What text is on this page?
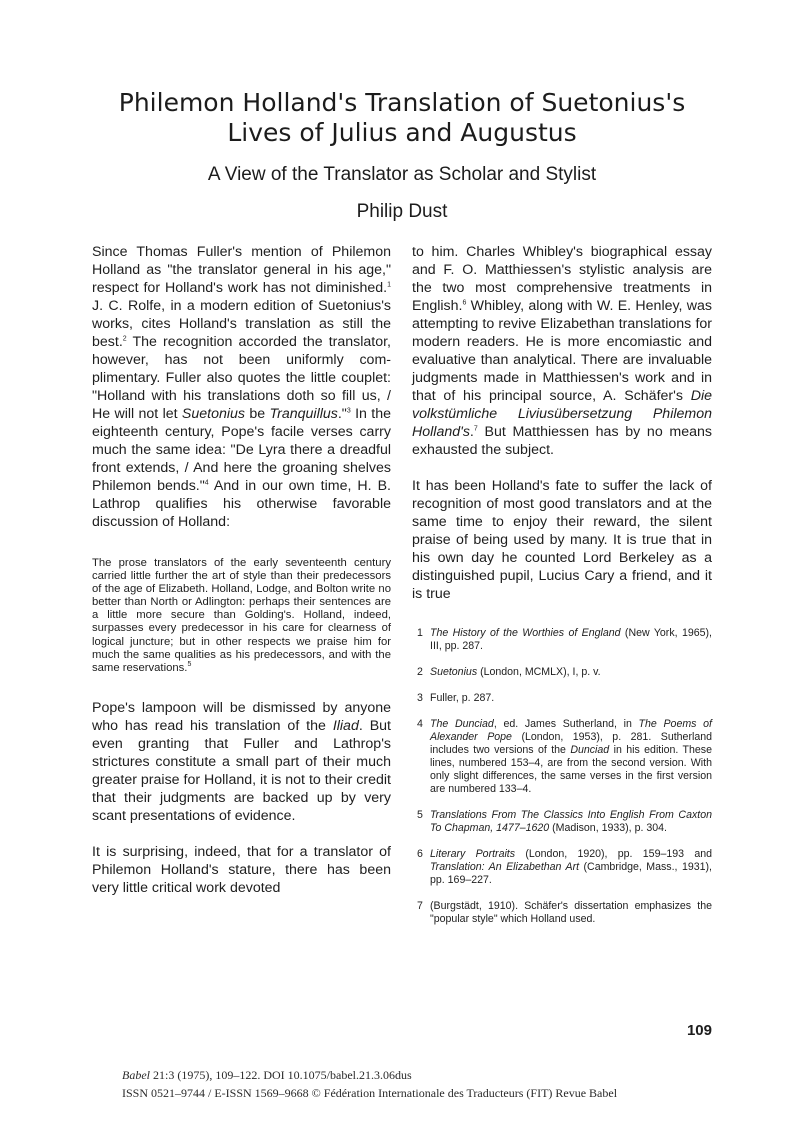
Philemon Holland's Translation of Suetonius's
Lives of Julius and Augustus
A View of the Translator as Scholar and Stylist
Philip Dust

Since Thomas Fuller's mention of Philemon Holland as "the translator general in his age," respect for Holland's work has not diminished.$^1$ J. C. Rolfe, in a modern edition of Suetonius's works, cites Holland's translation as still the best.$^2$ The recognition accorded the translator, however, has not been uniformly complimentary. Fuller also quotes the little couplet: "Holland with his translations doth so fill us, / He will not let Suetonius be Tranquillus."$^3$ In the eighteenth century, Pope's facile verses carry much the same idea: "De Lyra there a dreadful front extends, / And here the groaning shelves Philemon bends."$^4$ And in our own time, H. B. Lathrop qualifies his otherwise favorable discussion of Holland:

The prose translators of the early seventeenth century carried little further the art of style than their predecessors of the age of Elizabeth. Holland, Lodge, and Bolton write no better than North or Adlington: perhaps their sentences are a little more secure than Golding's. Holland, indeed, surpasses every predecessor in his care for clearness of logical juncture; but in other respects we praise him for much the same qualities as his predecessors, and with the same reservations.$^5$

Pope's lampoon will be dismissed by anyone who has read his translation of the Iliad. But even granting that Fuller and Lathrop's strictures constitute a small part of their much greater praise for Holland, it is not to their credit that their judgments are backed up by very scant presentations of evidence.

It is surprising, indeed, that for a translator of Philemon Holland's stature, there has been very little critical work devoted

to him. Charles Whibley's biographical essay and F. O. Matthiessen's stylistic analysis are the two most comprehensive treatments in English.$^6$ Whibley, along with W. E. Henley, was attempting to revive Elizabethan translations for modern readers. He is more encomiastic and evaluative than analytical. There are invaluable judgments made in Matthiessen's work and in that of his principal source, A. Schäfer's Die volkstümliche Liviusübersetzung Philemon Holland's.$^7$ But Matthiessen has by no means exhausted the subject.

It has been Holland's fate to suffer the lack of recognition of most good translators and at the same time to enjoy their reward, the silent praise of being used by many. It is true that in his own day he counted Lord Berkeley as a distinguished pupil, Lucius Cary a friend, and it is true

1 The History of the Worthies of England (New York, 1965), III, pp. 287.
2 Suetonius (London, MCMLX), I, p. v.
3 Fuller, p. 287.
4 The Dunciad, ed. James Sutherland, in The Poems of Alexander Pope (London, 1953), p. 281. Sutherland includes two versions of the Dunciad in his edition. These lines, numbered 153–4, are from the second version. With only slight differences, the same verses in the first version are numbered 133–4.
5 Translations From The Classics Into English From Caxton To Chapman, 1477–1620 (Madison, 1933), p. 304.
6 Literary Portraits (London, 1920), pp. 159–193 and Translation: An Elizabethan Art (Cambridge, Mass., 1931), pp. 169–227.
7 (Burgstädt, 1910). Schäfer's dissertation emphasizes the "popular style" which Holland used.
109
Babel 21:3 (1975), 109–122. DOI 10.1075/babel.21.3.06dus
ISSN 0521–9744 / E-ISSN 1569–9668 © Fédération Internationale des Traducteurs (FIT) Revue Babel
